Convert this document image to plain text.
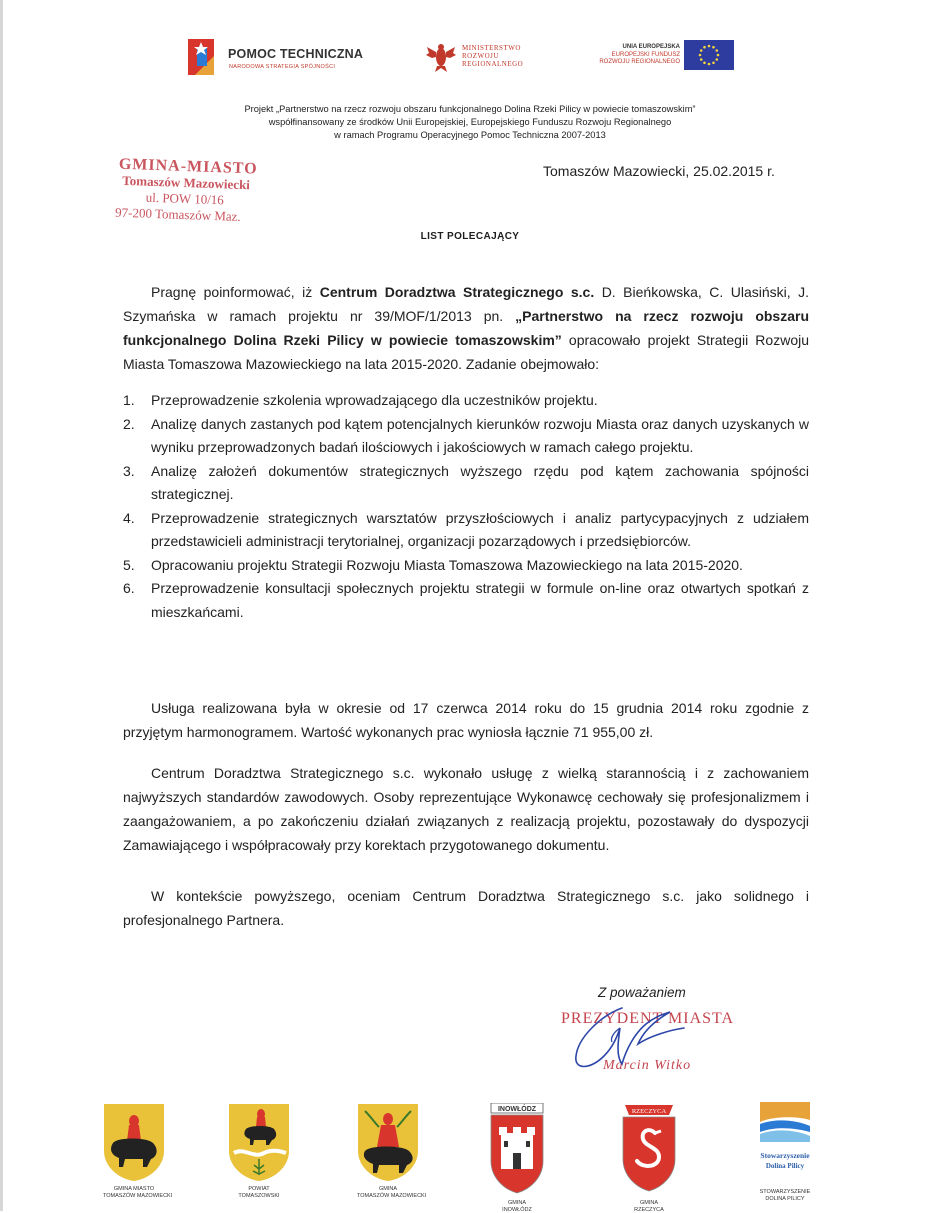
POMOC TECHNICZNA
NARODOWA STRATEGIA SPÓJNOŚCI
MINISTERSTWO
ROZWOJU
REGIONALNEGO
UNIA EUROPEJSKA
EUROPEJSKI FUNDUSZ
ROZWOJU REGIONALNEGO
Projekt „Partnerstwo na rzecz rozwoju obszaru funkcjonalnego Dolina Rzeki Pilicy w powiecie tomaszowskim”
współfinansowany ze środków Unii Europejskiej, Europejskiego Funduszu Rozwoju Regionalnego
w ramach Programu Operacyjnego Pomoc Techniczna 2007-2013
GMINA-MIASTO
Tomaszów Mazowiecki
ul. POW 10/16
97-200 Tomaszów Maz.
Tomaszów Mazowiecki, 25.02.2015 r.
LIST POLECAJĄCY
Pragnę poinformować, iż Centrum Doradztwa Strategicznego s.c. D. Bieńkowska, C. Ulasiński, J. Szymańska w ramach projektu nr 39/MOF/1/2013 pn. „Partnerstwo na rzecz rozwoju obszaru funkcjonalnego Dolina Rzeki Pilicy w powiecie tomaszowskim” opracowało projekt Strategii Rozwoju Miasta Tomaszowa Mazowieckiego na lata 2015-2020. Zadanie obejmowało:
1. Przeprowadzenie szkolenia wprowadzającego dla uczestników projektu.
2. Analizę danych zastanych pod kątem potencjalnych kierunków rozwoju Miasta oraz danych uzyskanych w wyniku przeprowadzonych badań ilościowych i jakościowych w ramach całego projektu.
3. Analizę założeń dokumentów strategicznych wyższego rzędu pod kątem zachowania spójności strategicznej.
4. Przeprowadzenie strategicznych warsztatów przyszłościowych i analiz partycypacyjnych z udziałem przedstawicieli administracji terytorialnej, organizacji pozarządowych i przedsiębiorców.
5. Opracowaniu projektu Strategii Rozwoju Miasta Tomaszowa Mazowieckiego na lata 2015-2020.
6. Przeprowadzenie konsultacji społecznych projektu strategii w formule on-line oraz otwartych spotkań z mieszkańcami.
Usługa realizowana była w okresie od 17 czerwca 2014 roku do 15 grudnia 2014 roku zgodnie z przyjętym harmonogramem. Wartość wykonanych prac wyniosła łącznie 71 955,00 zł.
Centrum Doradztwa Strategicznego s.c. wykonało usługę z wielką starannością i z zachowaniem najwyższych standardów zawodowych. Osoby reprezentujące Wykonawcę cechowały się profesjonalizmem i zaangażowaniem, a po zakończeniu działań związanych z realizacją projektu, pozostawały do dyspozycji Zamawiającego i współpracowały przy korektach przygotowanego dokumentu.
W kontekście powyższego, oceniam Centrum Doradztwa Strategicznego s.c. jako solidnego i profesjonalnego Partnera.
Z poważaniem
PREZYDENT MIASTA
Marcin Witko
GMINA MIASTO
TOMASZÓW MAZOWIECKI
POWIAT
TOMASZOWSKI
GMINA
TOMASZÓW MAZOWIECKI
INOWŁÓDZ
GMINA
INOWŁÓDZ
RZECZYCA
GMINA
RZECZYCA
Stowarzyszenie
Dolina Pilicy
STOWARZYSZENIE
DOLINA PILICY
